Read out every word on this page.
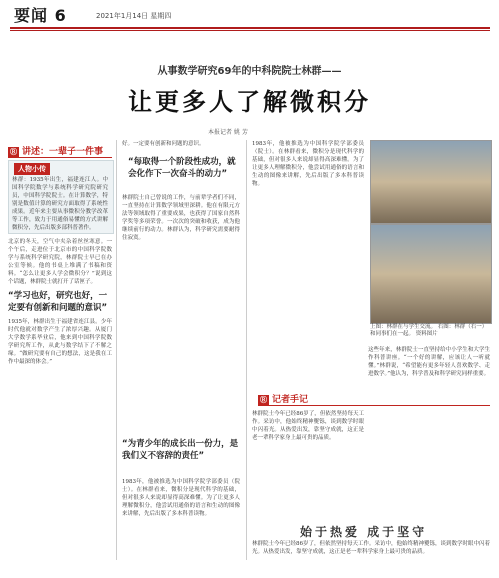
要闻 6	2021年1月14日 星期四
从事数学研究69年的中科院院士林群——
让更多人了解微积分
本报记者 姚 芳
Ⓡ 讲述：一辈子一件事
人物小传
林群：1935年出生，福建连江人。中国科学院数学与系统科学研究院研究员，中国科学院院士。在计算数学，特别是数值计算的研究方面取得了系统性成果。近年来主要从事微积分教学改革等工作，致力于用通俗易懂的方式讲解微积分，先后出版多部科普著作。
北京的冬天，空气中夹杂着丝丝寒意。一个午后，走进位于北京市的中国科学院数学与系统科学研究院，林群院士早已在办公室等候。他的书桌上堆满了书稿和资料。“怎么让更多人学会微积分？”说到这个话题，林群院士就打开了话匣子。
“学习也好，研究也好，一定要有创新和问题的意识”
1935年，林群出生于福建省连江县。少年时代他就对数学产生了浓厚兴趣。从厦门大学数学系毕业后，他来到中国科学院数学研究所工作，从此与数学结下了不解之缘。“做研究要有自己的想法，这是我在工作中最深的体会。”
好。一定要有创新和问题的意识。
“每取得一个阶段性成功，就会化作下一次奋斗的动力”
林群院士自己曾说的工作，与前辈学者们不同，一直坚持在计算数学领域里深耕。他在有限元方法等领域取得了重要成果，也获得了国家自然科学奖等多项荣誉。一次次的突破和收获，成为他继续前行的动力。林群认为，科学研究需要耐得住寂寞。
“为青少年的成长出一份力，是我们义不容辞的责任”
1983年，他被推选为中国科学院学部委员（院士）。在林群看来，微积分是现代科学的基础，但对很多人来说却显得高深难懂。为了让更多人理解微积分，他尝试用通俗的语言和生动的图像来讲解，先后出版了多本科普读物。
1983年，他被推选为中国科学院学部委员（院士）。在林群看来，微积分是现代科学的基础，但对很多人来说却显得高深难懂。为了让更多人理解微积分，他尝试用通俗的语言和生动的图像来讲解，先后出版了多本科普读物。
上图：林群在与学生交流。 右图：林群（右一）和同事们在一起。 资料图片
这些年来，林群院士一直坚持给中小学生和大学生作科普讲座。“一个好的讲解，应该让人一听就懂。”林群说，“希望能有更多年轻人喜欢数学、走进数学。”他认为，科学普及和科学研究同样重要。
Ⓡ 记者手记
林群院士今年已经86岁了，但依然坚持每天工作。采访中，他始终精神矍铄，谈到数学时眼中闪着光。从热爱出发，靠坚守成就，这正是老一辈科学家身上最可贵的品质。
始于热爱 成于坚守
林群院士今年已经86岁了，但依然坚持每天工作。采访中，他始终精神矍铄，谈到数学时眼中闪着光。从热爱出发，靠坚守成就，这正是老一辈科学家身上最可贵的品质。
